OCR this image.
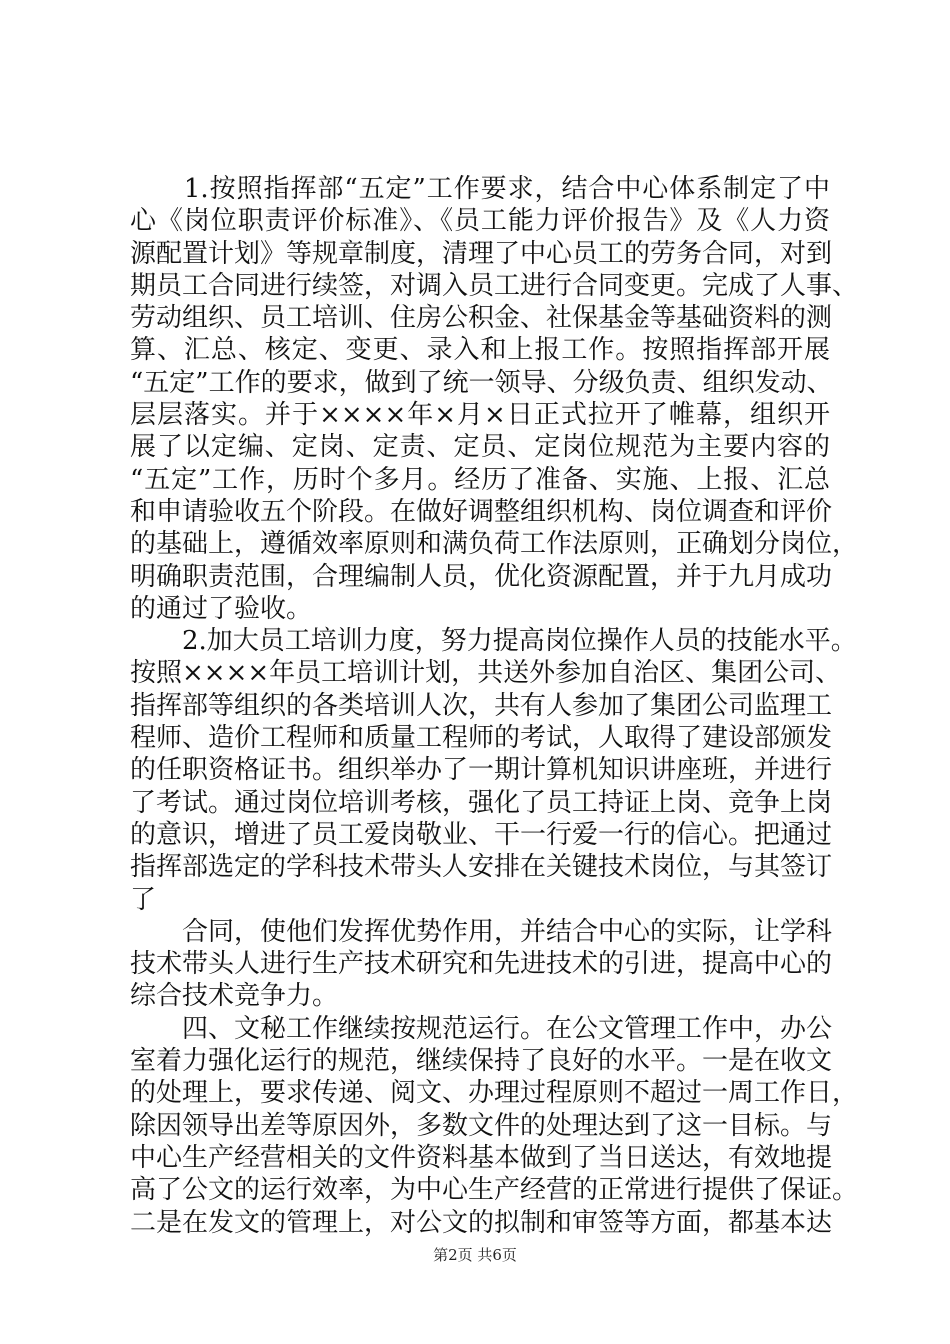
　　1.按照指挥部“五定”工作要求，结合中心体系制定了中
心《岗位职责评价标准》、《员工能力评价报告》及《人力资
源配置计划》等规章制度，清理了中心员工的劳务合同，对到
期员工合同进行续签，对调入员工进行合同变更。完成了人事、
劳动组织、员工培训、住房公积金、社保基金等基础资料的测
算、汇总、核定、变更、录入和上报工作。按照指挥部开展
“五定”工作的要求，做到了统一领导、分级负责、组织发动、
层层落实。并于××××年×月×日正式拉开了帷幕，组织开
展了以定编、定岗、定责、定员、定岗位规范为主要内容的
“五定”工作，历时个多月。经历了准备、实施、上报、汇总
和申请验收五个阶段。在做好调整组织机构、岗位调查和评价
的基础上，遵循效率原则和满负荷工作法原则，正确划分岗位，
明确职责范围，合理编制人员，优化资源配置，并于九月成功
的通过了验收。
　　2.加大员工培训力度，努力提高岗位操作人员的技能水平。
按照××××年员工培训计划，共送外参加自治区、集团公司、
指挥部等组织的各类培训人次，共有人参加了集团公司监理工
程师、造价工程师和质量工程师的考试，人取得了建设部颁发
的任职资格证书。组织举办了一期计算机知识讲座班，并进行
了考试。通过岗位培训考核，强化了员工持证上岗、竞争上岗
的意识，增进了员工爱岗敬业、干一行爱一行的信心。把通过
指挥部选定的学科技术带头人安排在关键技术岗位，与其签订
了
　　合同，使他们发挥优势作用，并结合中心的实际，让学科
技术带头人进行生产技术研究和先进技术的引进，提高中心的
综合技术竞争力。
　　四、文秘工作继续按规范运行。在公文管理工作中，办公
室着力强化运行的规范，继续保持了良好的水平。一是在收文
的处理上，要求传递、阅文、办理过程原则不超过一周工作日，
除因领导出差等原因外，多数文件的处理达到了这一目标。与
中心生产经营相关的文件资料基本做到了当日送达，有效地提
高了公文的运行效率，为中心生产经营的正常进行提供了保证。
二是在发文的管理上，对公文的拟制和审签等方面，都基本达
第2页 共6页
